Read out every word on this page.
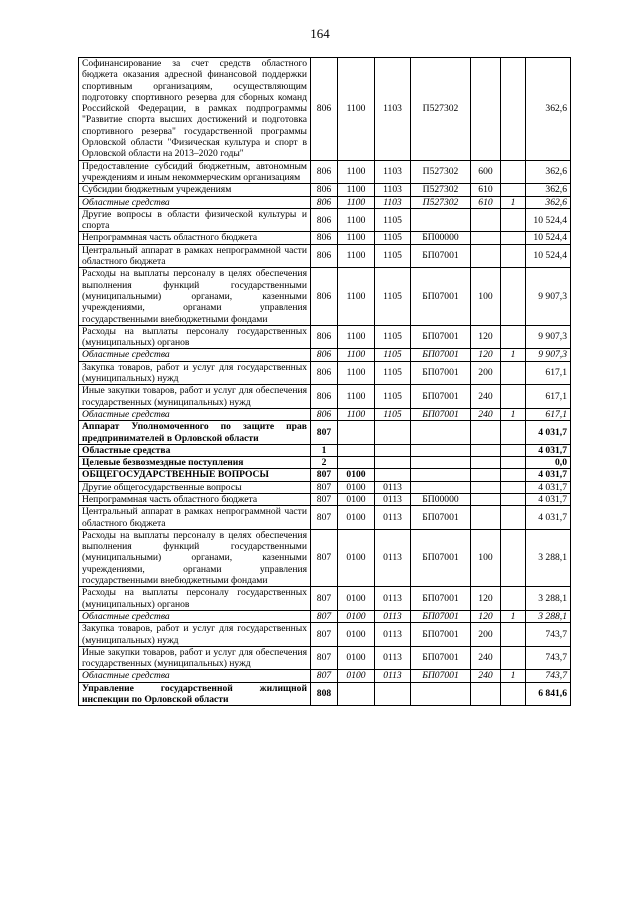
164
Софинансирование за счет средств областного бюджета оказания адресной финансовой поддержки спортивным организациям, осуществляющим подготовку спортивного резерва для сборных команд Российской Федерации, в рамках подпрограммы "Развитие спорта высших достижений и подготовка спортивного резерва" государственной программы Орловской области "Физическая культура и спорт в Орловской области на 2013–2020 годы"	806	1100	1103	П527302			362,6
Предоставление субсидий бюджетным, автономным учреждениям и иным некоммерческим организациям	806	1100	1103	П527302	600		362,6
Субсидии бюджетным учреждениям	806	1100	1103	П527302	610		362,6
Областные средства	806	1100	1103	П527302	610	1	362,6
Другие вопросы в области физической культуры и спорта	806	1100	1105				10 524,4
Непрограммная часть областного бюджета	806	1100	1105	БП00000			10 524,4
Центральный аппарат в рамках непрограммной части областного бюджета	806	1100	1105	БП07001			10 524,4
Расходы на выплаты персоналу в целях обеспечения выполнения функций государственными (муниципальными) органами, казенными учреждениями, органами управления государственными внебюджетными фондами	806	1100	1105	БП07001	100		9 907,3
Расходы на выплаты персоналу государственных (муниципальных) органов	806	1100	1105	БП07001	120		9 907,3
Областные средства	806	1100	1105	БП07001	120	1	9 907,3
Закупка товаров, работ и услуг для государственных (муниципальных) нужд	806	1100	1105	БП07001	200		617,1
Иные закупки товаров, работ и услуг для обеспечения государственных (муниципальных) нужд	806	1100	1105	БП07001	240		617,1
Областные средства	806	1100	1105	БП07001	240	1	617,1
Аппарат Уполномоченного по защите прав предпринимателей в Орловской области	807						4 031,7
Областные средства	1						4 031,7
Целевые безвозмездные поступления	2						0,0
ОБЩЕГОСУДАРСТВЕННЫЕ ВОПРОСЫ	807	0100					4 031,7
Другие общегосударственные вопросы	807	0100	0113				4 031,7
Непрограммная часть областного бюджета	807	0100	0113	БП00000			4 031,7
Центральный аппарат в рамках непрограммной части областного бюджета	807	0100	0113	БП07001			4 031,7
Расходы на выплаты персоналу в целях обеспечения выполнения функций государственными (муниципальными) органами, казенными учреждениями, органами управления государственными внебюджетными фондами	807	0100	0113	БП07001	100		3 288,1
Расходы на выплаты персоналу государственных (муниципальных) органов	807	0100	0113	БП07001	120		3 288,1
Областные средства	807	0100	0113	БП07001	120	1	3 288,1
Закупка товаров, работ и услуг для государственных (муниципальных) нужд	807	0100	0113	БП07001	200		743,7
Иные закупки товаров, работ и услуг для обеспечения государственных (муниципальных) нужд	807	0100	0113	БП07001	240		743,7
Областные средства	807	0100	0113	БП07001	240	1	743,7
Управление государственной жилищной инспекции по Орловской области	808						6 841,6
